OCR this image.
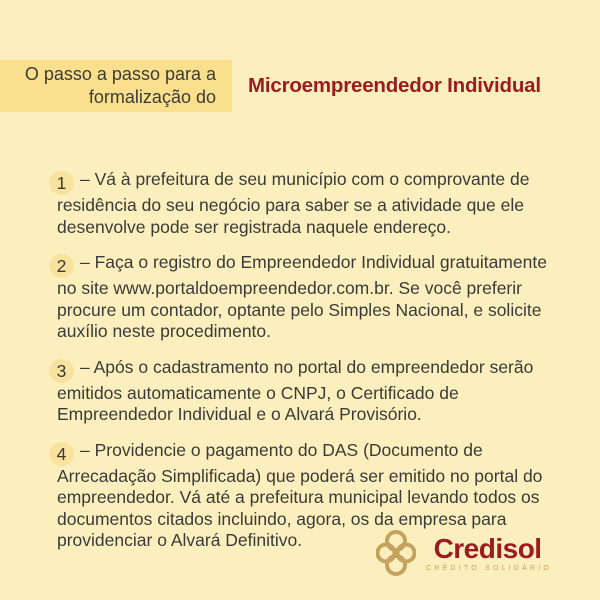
O passo a passo para a
formalização do Microempreendedor Individual

1 – Vá à prefeitura de seu município com o comprovante de residência do seu negócio para saber se a atividade que ele desenvolve pode ser registrada naquele endereço.

2 – Faça o registro do Empreendedor Individual gratuitamente no site www.portaldoempreendedor.com.br. Se você preferir procure um contador, optante pelo Simples Nacional, e solicite auxílio neste procedimento.

3 – Após o cadastramento no portal do empreendedor serão emitidos automaticamente o CNPJ, o Certificado de Empreendedor Individual e o Alvará Provisório.

4 – Providencie o pagamento do DAS (Documento de Arrecadação Simplificada) que poderá ser emitido no portal do empreendedor. Vá até a prefeitura municipal levando todos os documentos citados incluindo, agora, os da empresa para providenciar o Alvará Definitivo.	Credisol
CRÉDITO SOLIDÁRIO
